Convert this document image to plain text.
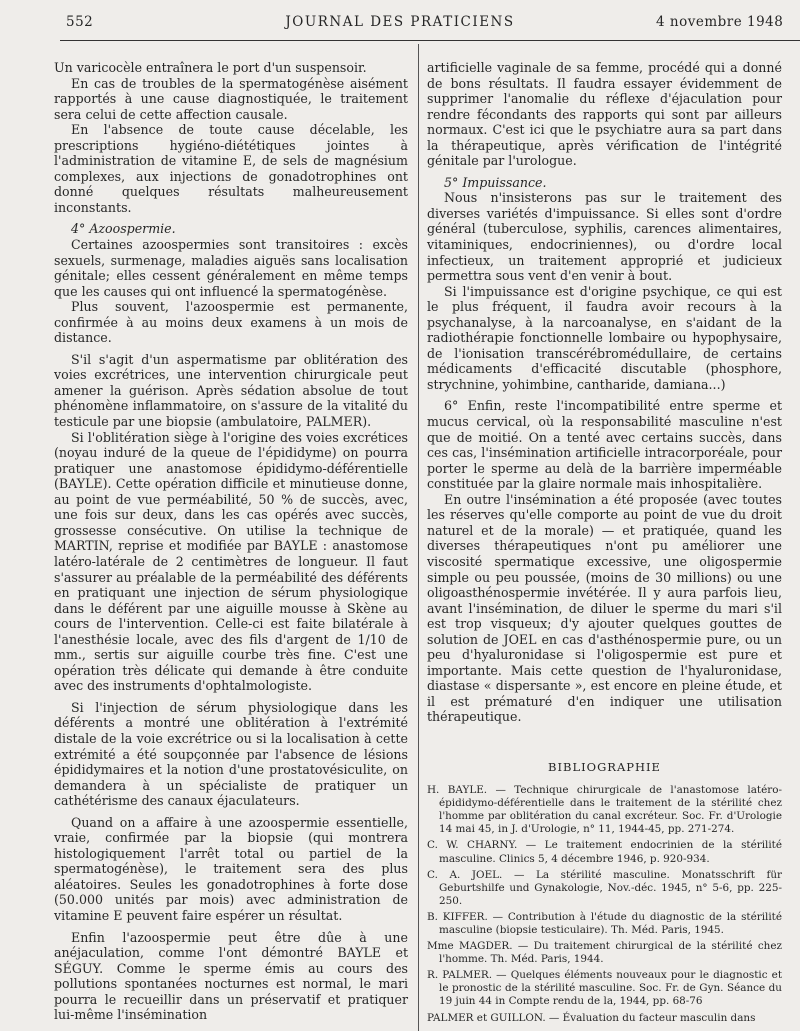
552	JOURNAL DES PRATICIENS	4 novembre 1948

Un varicocèle entraînera le port d'un suspensoir.

En cas de troubles de la spermatogénèse aisément rapportés à une cause diagnostiquée, le traitement sera celui de cette affection causale.

En l'absence de toute cause décelable, les prescriptions hygiéno-diététiques jointes à l'administration de vitamine E, de sels de magnésium complexes, aux injections de gonadotrophines ont donné quelques résultats malheureusement inconstants.

4° Azoospermie.

Certaines azoospermies sont transitoires : excès sexuels, surmenage, maladies aiguës sans localisation génitale; elles cessent généralement en même temps que les causes qui ont influencé la spermatogénèse.

Plus souvent, l'azoospermie est permanente, confirmée à au moins deux examens à un mois de distance.

S'il s'agit d'un aspermatisme par oblitération des voies excrétrices, une intervention chirurgicale peut amener la guérison. Après sédation absolue de tout phénomène inflammatoire, on s'assure de la vitalité du testicule par une biopsie (ambulatoire, PALMER).

Si l'oblitération siège à l'origine des voies excrétices (noyau induré de la queue de l'épididyme) on pourra pratiquer une anastomose épididymo-déférentielle (BAYLE). Cette opération difficile et minutieuse donne, au point de vue perméabilité, 50 % de succès, avec, une fois sur deux, dans les cas opérés avec succès, grossesse consécutive. On utilise la technique de MARTIN, reprise et modifiée par BAYLE : anastomose latéro-latérale de 2 centimètres de longueur. Il faut s'assurer au préalable de la perméabilité des déférents en pratiquant une injection de sérum physiologique dans le déférent par une aiguille mousse à Skène au cours de l'intervention. Celle-ci est faite bilatérale à l'anesthésie locale, avec des fils d'argent de 1/10 de mm., sertis sur aiguille courbe très fine. C'est une opération très délicate qui demande à être conduite avec des instruments d'ophtalmologiste.

Si l'injection de sérum physiologique dans les déférents a montré une oblitération à l'extrémité distale de la voie excrétrice ou si la localisation à cette extrémité a été soupçonnée par l'absence de lésions épididymaires et la notion d'une prostatovésiculite, on demandera à un spécialiste de pratiquer un cathétérisme des canaux éjaculateurs.

Quand on a affaire à une azoospermie essentielle, vraie, confirmée par la biopsie (qui montrera histologiquement l'arrêt total ou partiel de la spermatogénèse), le traitement sera des plus aléatoires. Seules les gonadotrophines à forte dose (50.000 unités par mois) avec administration de vitamine E peuvent faire espérer un résultat.

Enfin l'azoospermie peut être dûe à une anéjaculation, comme l'ont démontré BAYLE et SÉGUY. Comme le sperme émis au cours des pollutions spontanées nocturnes est normal, le mari pourra le recueillir dans un préservatif et pratiquer lui-même l'insémination

artificielle vaginale de sa femme, procédé qui a donné de bons résultats. Il faudra essayer évidemment de supprimer l'anomalie du réflexe d'éjaculation pour rendre fécondants des rapports qui sont par ailleurs normaux. C'est ici que le psychiatre aura sa part dans la thérapeutique, après vérification de l'intégrité génitale par l'urologue.

5° Impuissance.

Nous n'insisterons pas sur le traitement des diverses variétés d'impuissance. Si elles sont d'ordre général (tuberculose, syphilis, carences alimentaires, vitaminiques, endocriniennes), ou d'ordre local infectieux, un traitement approprié et judicieux permettra sous vent d'en venir à bout.

Si l'impuissance est d'origine psychique, ce qui est le plus fréquent, il faudra avoir recours à la psychanalyse, à la narcoanalyse, en s'aidant de la radiothérapie fonctionnelle lombaire ou hypophysaire, de l'ionisation transcérébromédullaire, de certains médicaments d'efficacité discutable (phosphore, strychnine, yohimbine, cantharide, damiana...)

6° Enfin, reste l'incompatibilité entre sperme et mucus cervical, où la responsabilité masculine n'est que de moitié. On a tenté avec certains succès, dans ces cas, l'insémination artificielle intracorporéale, pour porter le sperme au delà de la barrière imperméable constituée par la glaire normale mais inhospitalière.

En outre l'insémination a été proposée (avec toutes les réserves qu'elle comporte au point de vue du droit naturel et de la morale) — et pratiquée, quand les diverses thérapeutiques n'ont pu améliorer une viscosité spermatique excessive, une oligospermie simple ou peu poussée, (moins de 30 millions) ou une oligoasthénospermie invétérée. Il y aura parfois lieu, avant l'insémination, de diluer le sperme du mari s'il est trop visqueux; d'y ajouter quelques gouttes de solution de JOEL en cas d'asthénospermie pure, ou un peu d'hyaluronidase si l'oligospermie est pure et importante. Mais cette question de l'hyaluronidase, diastase « dispersante », est encore en pleine étude, et il est prématuré d'en indiquer une utilisation thérapeutique.

BIBLIOGRAPHIE

H. BAYLE. — Technique chirurgicale de l'anastomose latéro-épididymo-déférentielle dans le traitement de la stérilité chez l'homme par oblitération du canal excréteur. Soc. Fr. d'Urologie 14 mai 45, in J. d'Urologie, n° 11, 1944-45, pp. 271-274.

C. W. CHARNY. — Le traitement endocrinien de la stérilité masculine. Clinics 5, 4 décembre 1946, p. 920-934.

C. A. JOEL. — La stérilité masculine. Monatsschrift für Geburtshilfe und Gynakologie, Nov.-déc. 1945, n° 5-6, pp. 225-250.

B. KIFFER. — Contribution à l'étude du diagnostic de la stérilité masculine (biopsie testiculaire). Th. Méd. Paris, 1945.

Mme MAGDER. — Du traitement chirurgical de la stérilité chez l'homme. Th. Méd. Paris, 1944.

R. PALMER. — Quelques éléments nouveaux pour le diagnostic et le pronostic de la stérilité masculine. Soc. Fr. de Gyn. Séance du 19 juin 44 in Compte rendu de la, 1944, pp. 68-76

PALMER et GUILLON. — Évaluation du facteur masculin dans
